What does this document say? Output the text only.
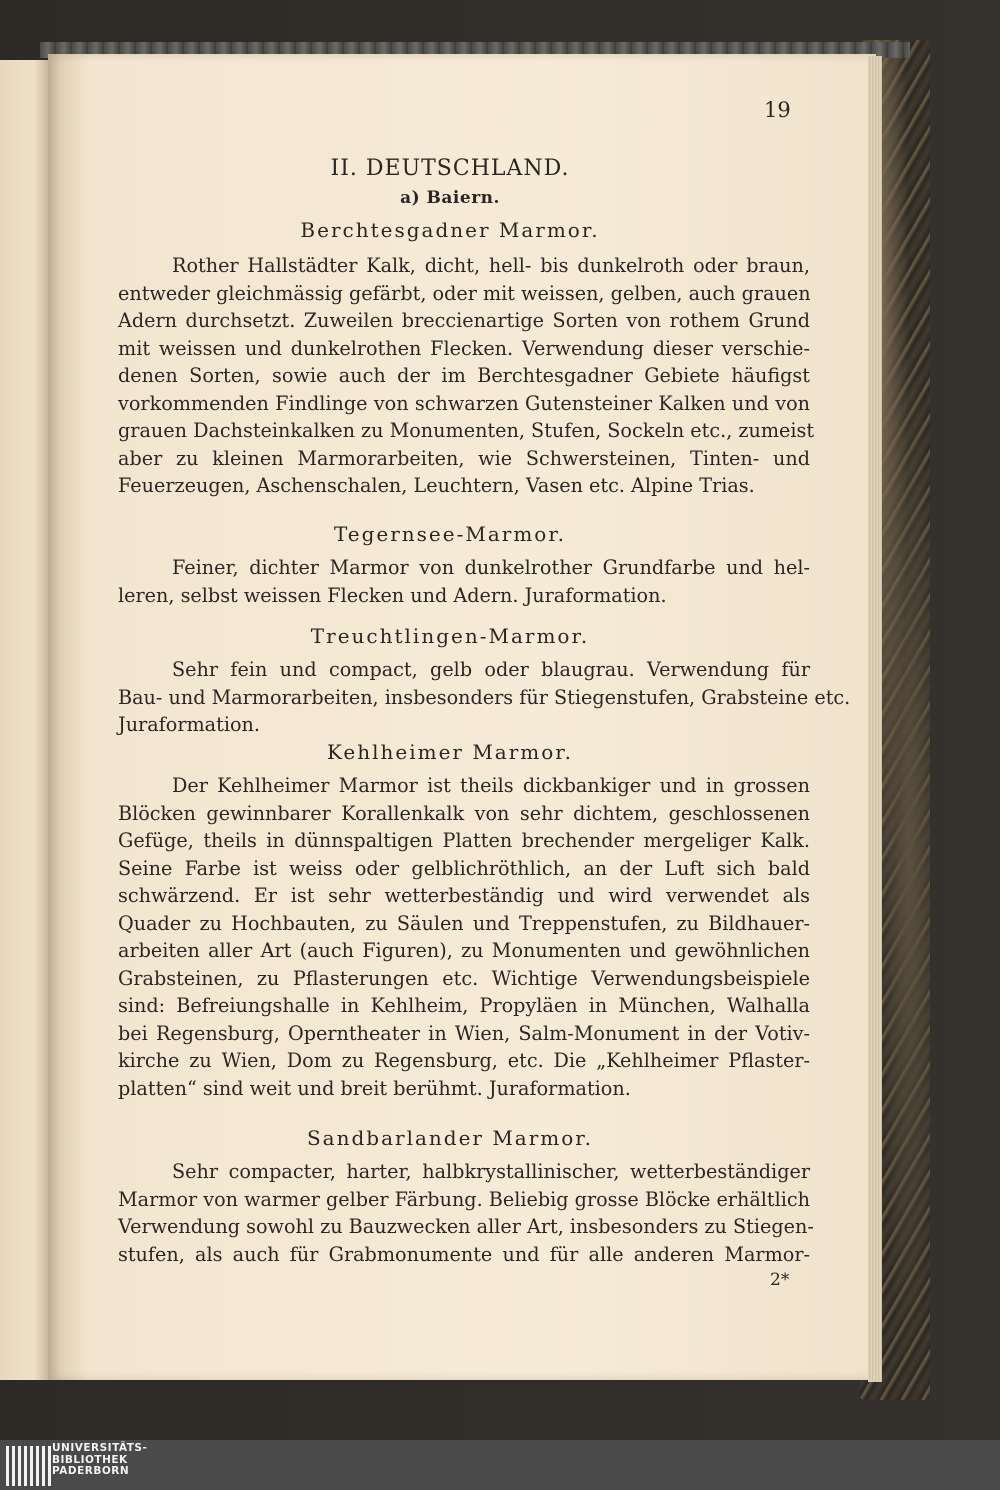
19
II. DEUTSCHLAND.
a) Baiern.
Berchtesgadner Marmor.
Rother Hallstädter Kalk, dicht, hell- bis dunkelroth oder braun,
entweder gleichmässig gefärbt, oder mit weissen, gelben, auch grauen
Adern durchsetzt. Zuweilen breccienartige Sorten von rothem Grund
mit weissen und dunkelrothen Flecken. Verwendung dieser verschie-
denen Sorten, sowie auch der im Berchtesgadner Gebiete häufigst
vorkommenden Findlinge von schwarzen Gutensteiner Kalken und von
grauen Dachsteinkalken zu Monumenten, Stufen, Sockeln etc., zumeist
aber zu kleinen Marmorarbeiten, wie Schwersteinen, Tinten- und
Feuerzeugen, Aschenschalen, Leuchtern, Vasen etc. Alpine Trias.
Tegernsee-Marmor.
Feiner, dichter Marmor von dunkelrother Grundfarbe und hel-
leren, selbst weissen Flecken und Adern. Juraformation.
Treuchtlingen-Marmor.
Sehr fein und compact, gelb oder blaugrau. Verwendung für
Bau- und Marmorarbeiten, insbesonders für Stiegenstufen, Grabsteine etc.
Juraformation.
Kehlheimer Marmor.
Der Kehlheimer Marmor ist theils dickbankiger und in grossen
Blöcken gewinnbarer Korallenkalk von sehr dichtem, geschlossenen
Gefüge, theils in dünnspaltigen Platten brechender mergeliger Kalk.
Seine Farbe ist weiss oder gelblichröthlich, an der Luft sich bald
schwärzend. Er ist sehr wetterbeständig und wird verwendet als
Quader zu Hochbauten, zu Säulen und Treppenstufen, zu Bildhauer-
arbeiten aller Art (auch Figuren), zu Monumenten und gewöhnlichen
Grabsteinen, zu Pflasterungen etc. Wichtige Verwendungsbeispiele
sind: Befreiungshalle in Kehlheim, Propyläen in München, Walhalla
bei Regensburg, Operntheater in Wien, Salm-Monument in der Votiv-
kirche zu Wien, Dom zu Regensburg, etc. Die „Kehlheimer Pflaster-
platten“ sind weit und breit berühmt. Juraformation.
Sandbarlander Marmor.
Sehr compacter, harter, halbkrystallinischer, wetterbeständiger
Marmor von warmer gelber Färbung. Beliebig grosse Blöcke erhältlich
Verwendung sowohl zu Bauzwecken aller Art, insbesonders zu Stiegen-
stufen, als auch für Grabmonumente und für alle anderen Marmor-
2*
UNIVERSITÄTS-
BIBLIOTHEK
PADERBORN
